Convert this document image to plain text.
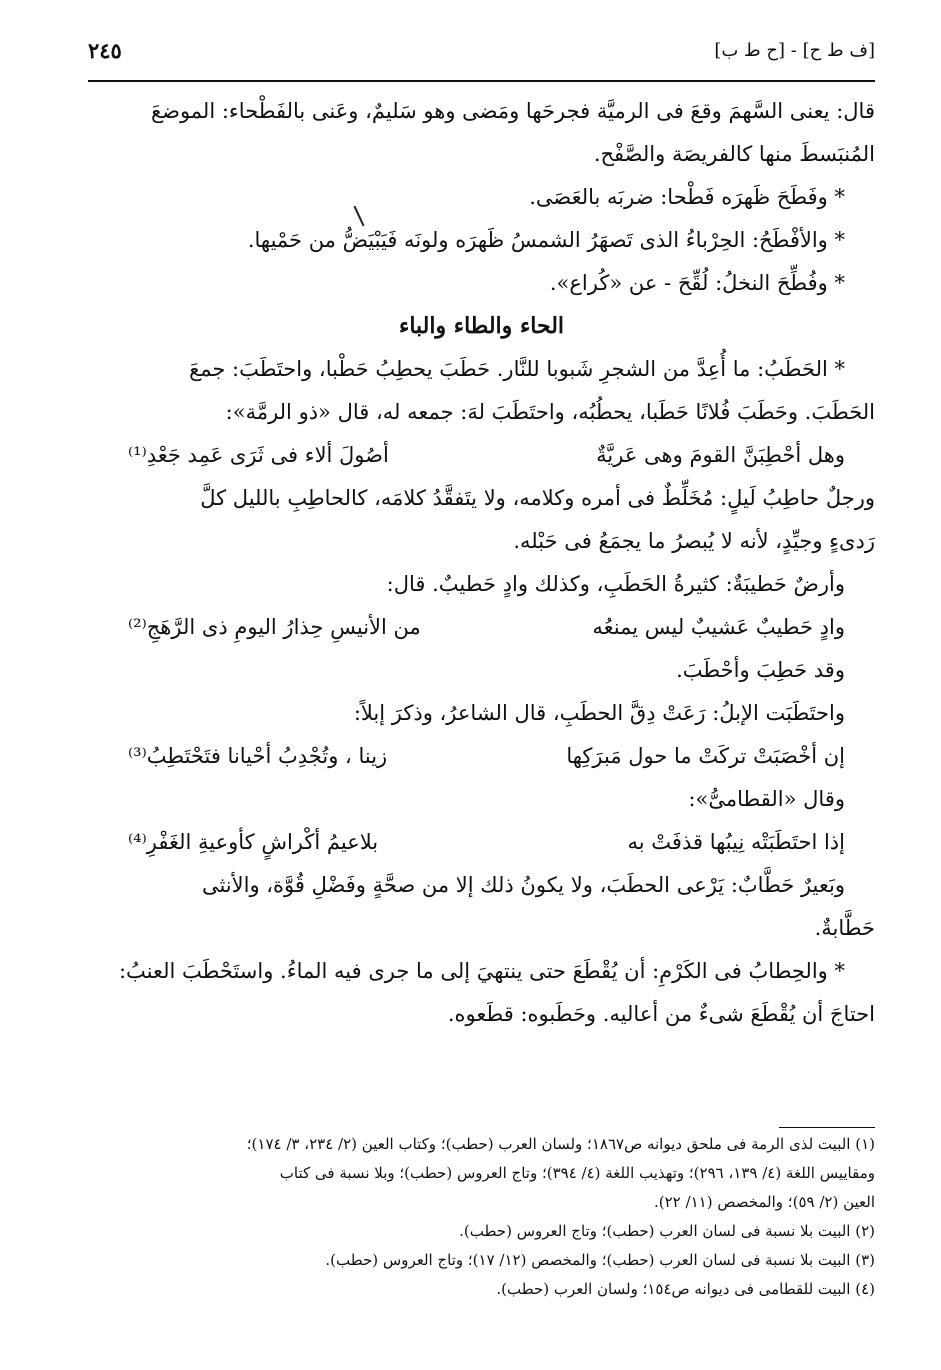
[ف ط ح] - [ح ط ب]
٢٤٥
قال: يعنى السَّهمَ وقعَ فى الرميَّة فجرحَها ومَضى وهو سَليمٌ، وعَنى بالفَطْحاء: الموضعَ
المُنبَسطَ منها كالفريصَة والصَّفْح.
* وفَطَحَ ظَهرَه فَطْحا: ضربَه بالعَصَى.
* والأفْطَحُ: الحِرْباءُ الذى تَصهَرُ الشمسُ ظَهرَه ولونَه فَيَبْيَضُّ من حَمْيها.
* وفُطِّحَ النخلُ: لُقِّحَ - عن «كُراع».
الحاء والطاء والباء
* الحَطَبُ: ما أُعِدَّ من الشجرِ شَبوبا للنَّار. حَطَبَ يحطِبُ حَطْبا، واحتَطَبَ: جمعَ
الحَطَبَ. وحَطَبَ فُلانًا حَطَبا، يحطُبُه، واحتَطَبَ لهَ: جمعه له، قال «ذو الرمَّة»:
وهل أحْطِبَنَّ القومَ وهى عَريَّةٌ
أصُولَ ألاء فى ثَرَى عَمِد جَعْدِ⁽¹⁾
ورجلٌ حاطِبُ لَيلٍ: مُخَلِّطٌ فى أمره وكلامه، ولا يتَفقَّدُ كلامَه، كالحاطِبِ بالليل كلَّ
رَدىءٍ وجيِّدٍ، لأنه لا يُبصرُ ما يجمَعُ فى حَبْله.
وأرضٌ حَطيبَةٌ: كثيرةُ الحَطَبِ، وكذلك وادٍ حَطيبٌ. قال:
وادٍ حَطيبٌ عَشيبٌ ليس يمنعُه
من الأنيسِ حِذارُ اليومِ ذى الرَّهَجِ⁽²⁾
وقد حَطِبَ وأحْطَبَ.
واحتَطَبَت الإبلُ: رَعَتْ دِقَّ الحطَبِ، قال الشاعرُ، وذكرَ إبلاً:
إن أخْصَبَتْ تركَتْ ما حول مَبرَكِها
زينا ، وتُجْدِبُ أحْيانا فتَحْتَطِبُ⁽³⁾
وقال «القطامىُّ»:
إذا احتَطَبَتْه نِيبُها قذفَتْ به
بلاعيمُ أكْراشٍ كأوعيةِ الغَفْرِ⁽⁴⁾
وبَعيرٌ حَطَّابٌ: يَرْعى الحطَبَ، ولا يكونُ ذلك إلا من صحَّةٍ وفَضْلِ قُوَّة، والأنثى
حَطَّابةٌ.
* والحِطابُ فى الكَرْمِ: أن يُقْطَعَ حتى ينتهيَ إلى ما جرى فيه الماءُ. واستَحْطَبَ العنبُ:
احتاجَ أن يُقْطَعَ شىءٌ من أعاليه. وحَطَبوه: قطَعوه.
(١) البيت لذى الرمة فى ملحق ديوانه ص١٨٦٧؛ ولسان العرب (حطب)؛ وكتاب العين (٢/ ٢٣٤، ٣/ ١٧٤)؛
ومقاييس اللغة (٤/ ١٣٩، ٢٩٦)؛ وتهذيب اللغة (٤/ ٣٩٤)؛ وتاج العروس (حطب)؛ وبلا نسبة فى كتاب
العين (٢/ ٥٩)؛ والمخصص (١١/ ٢٢).
(٢) البيت بلا نسبة فى لسان العرب (حطب)؛ وتاج العروس (حطب).
(٣) البيت بلا نسبة فى لسان العرب (حطب)؛ والمخصص (١٢/ ١٧)؛ وتاج العروس (حطب).
(٤) البيت للقطامى فى ديوانه ص١٥٤؛ ولسان العرب (حطب).
